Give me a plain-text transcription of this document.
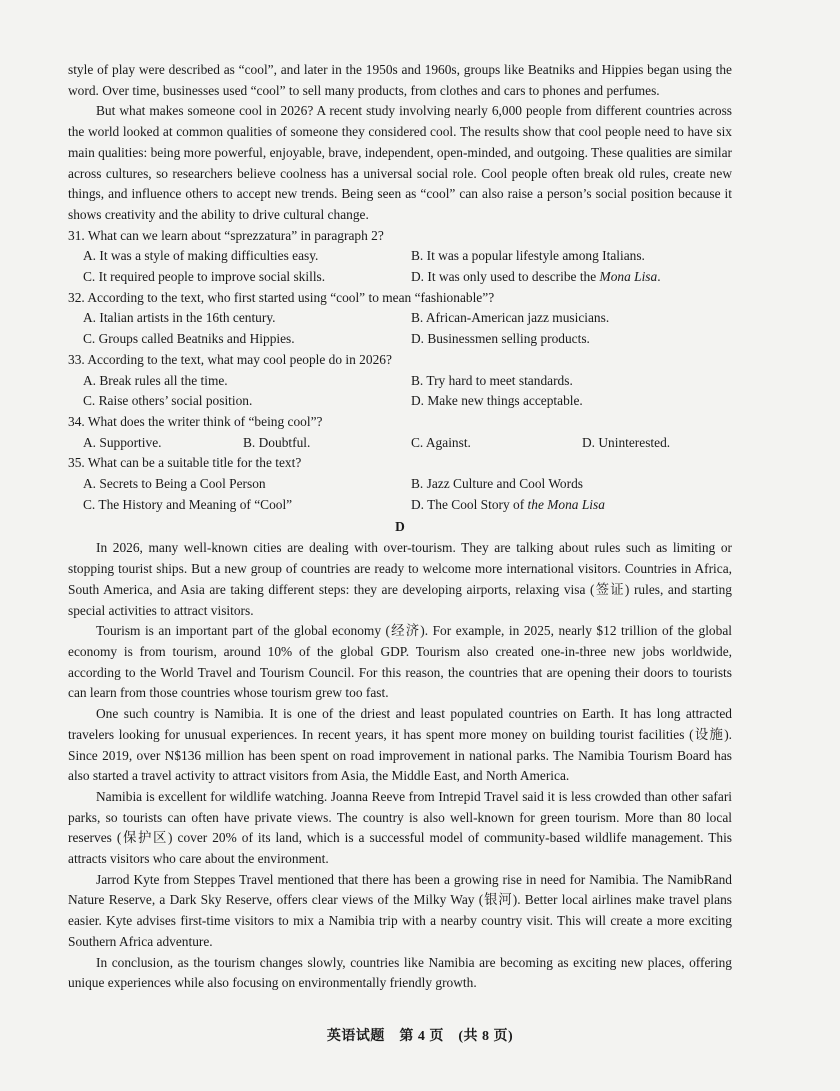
style of play were described as “cool”, and later in the 1950s and 1960s, groups like Beatniks and Hippies began using the word. Over time, businesses used “cool” to sell many products, from clothes and cars to phones and perfumes.

But what makes someone cool in 2026? A recent study involving nearly 6,000 people from different countries across the world looked at common qualities of someone they considered cool. The results show that cool people need to have six main qualities: being more powerful, enjoyable, brave, independent, open-minded, and outgoing. These qualities are similar across cultures, so researchers believe coolness has a universal social role. Cool people often break old rules, create new things, and influence others to accept new trends. Being seen as “cool” can also raise a person’s social position because it shows creativity and the ability to drive cultural change.

31. What can we learn about “sprezzatura” in paragraph 2?
A. It was a style of making difficulties easy.	B. It was a popular lifestyle among Italians.
C. It required people to improve social skills.	D. It was only used to describe the Mona Lisa.
32. According to the text, who first started using “cool” to mean “fashionable”?
A. Italian artists in the 16th century.	B. African-American jazz musicians.
C. Groups called Beatniks and Hippies.	D. Businessmen selling products.
33. According to the text, what may cool people do in 2026?
A. Break rules all the time.	B. Try hard to meet standards.
C. Raise others’ social position.	D. Make new things acceptable.
34. What does the writer think of “being cool”?
A. Supportive.	B. Doubtful.	C. Against.	D. Uninterested.
35. What can be a suitable title for the text?
A. Secrets to Being a Cool Person	B. Jazz Culture and Cool Words
C. The History and Meaning of “Cool”	D. The Cool Story of the Mona Lisa
D

In 2026, many well-known cities are dealing with over-tourism. They are talking about rules such as limiting or stopping tourist ships. But a new group of countries are ready to welcome more international visitors. Countries in Africa, South America, and Asia are taking different steps: they are developing airports, relaxing visa (签证) rules, and starting special activities to attract visitors.

Tourism is an important part of the global economy (经济). For example, in 2025, nearly $12 trillion of the global economy is from tourism, around 10% of the global GDP. Tourism also created one-in-three new jobs worldwide, according to the World Travel and Tourism Council. For this reason, the countries that are opening their doors to tourists can learn from those countries whose tourism grew too fast.

One such country is Namibia. It is one of the driest and least populated countries on Earth. It has long attracted travelers looking for unusual experiences. In recent years, it has spent more money on building tourist facilities (设施). Since 2019, over N$136 million has been spent on road improvement in national parks. The Namibia Tourism Board has also started a travel activity to attract visitors from Asia, the Middle East, and North America.

Namibia is excellent for wildlife watching. Joanna Reeve from Intrepid Travel said it is less crowded than other safari parks, so tourists can often have private views. The country is also well-known for green tourism. More than 80 local reserves (保护区) cover 20% of its land, which is a successful model of community-based wildlife management. This attracts visitors who care about the environment.

Jarrod Kyte from Steppes Travel mentioned that there has been a growing rise in need for Namibia. The NamibRand Nature Reserve, a Dark Sky Reserve, offers clear views of the Milky Way (银河). Better local airlines make travel plans easier. Kyte advises first-time visitors to mix a Namibia trip with a nearby country visit. This will create a more exciting Southern Africa adventure.

In conclusion, as the tourism changes slowly, countries like Namibia are becoming as exciting new places, offering unique experiences while also focusing on environmentally friendly growth.

英语试题　第 4 页　(共 8 页)
